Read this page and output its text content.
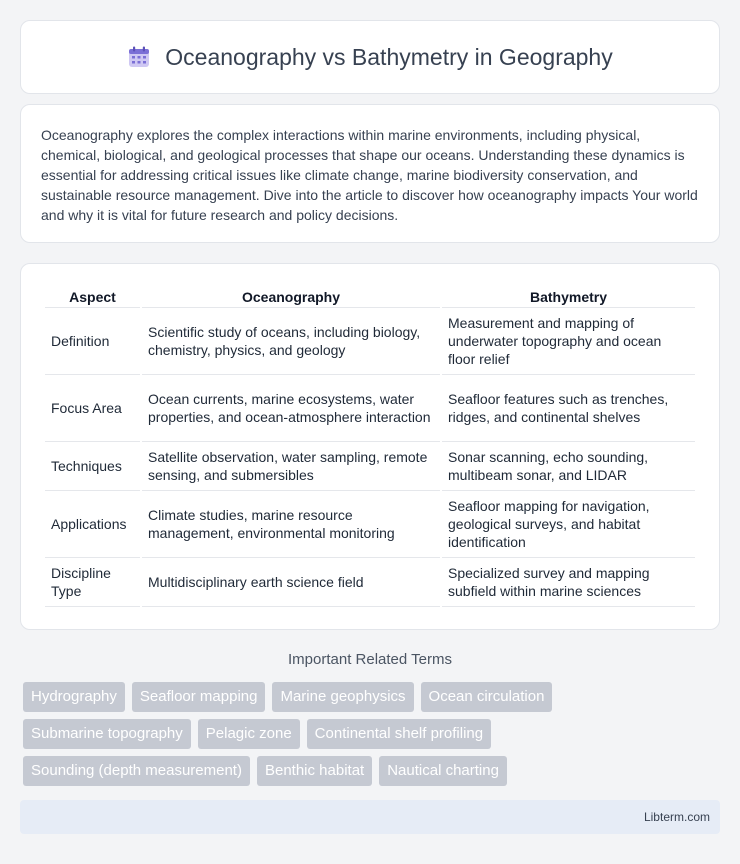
Oceanography vs Bathymetry in Geography

Oceanography explores the complex interactions within marine environments, including physical, chemical, biological, and geological processes that shape our oceans. Understanding these dynamics is essential for addressing critical issues like climate change, marine biodiversity conservation, and sustainable resource management. Dive into the article to discover how oceanography impacts Your world and why it is vital for future research and policy decisions.

Aspect	Oceanography	Bathymetry
Definition	Scientific study of oceans, including biology, chemistry, physics, and geology	Measurement and mapping of underwater topography and ocean floor relief
Focus Area	Ocean currents, marine ecosystems, water properties, and ocean-atmosphere interaction	Seafloor features such as trenches, ridges, and continental shelves
Techniques	Satellite observation, water sampling, remote sensing, and submersibles	Sonar scanning, echo sounding, multibeam sonar, and LIDAR
Applications	Climate studies, marine resource management, environmental monitoring	Seafloor mapping for navigation, geological surveys, and habitat identification
Discipline Type	Multidisciplinary earth science field	Specialized survey and mapping subfield within marine sciences
Important Related Terms
Hydrography	Seafloor mapping	Marine geophysics	Ocean circulation
Submarine topography	Pelagic zone	Continental shelf profiling
Sounding (depth measurement)	Benthic habitat	Nautical charting
Libterm.com
